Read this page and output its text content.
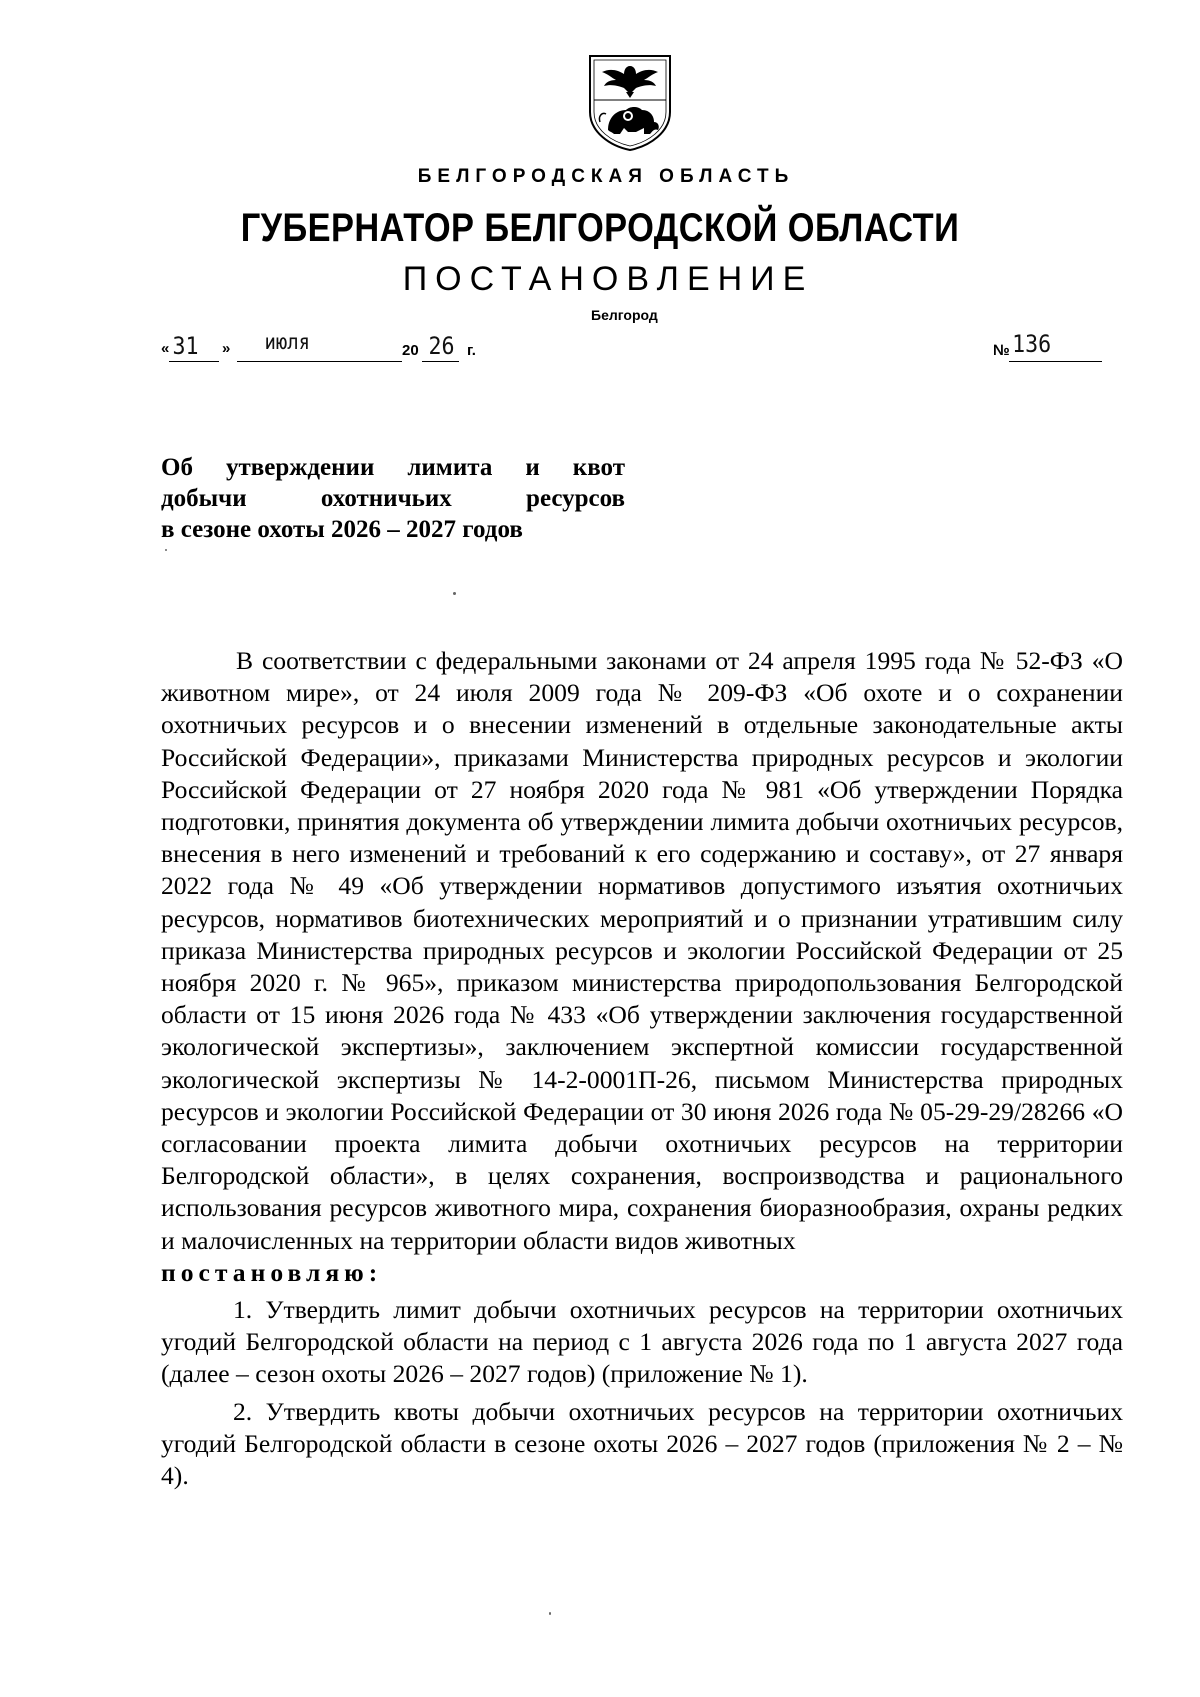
БЕЛГОРОДСКАЯ ОБЛАСТЬ
ГУБЕРНАТОР БЕЛГОРОДСКОЙ ОБЛАСТИ
ПОСТАНОВЛЕНИЕ
Белгород
« 31 » июля	20 26 г.	№ 136
Об утверждении лимита и квот
добычи охотничьих ресурсов
в сезоне охоты 2026 – 2027 годов

В соответствии с федеральными законами от 24 апреля 1995 года № 52-ФЗ «О животном мире», от 24 июля 2009 года № 209-ФЗ «Об охоте и о сохранении охотничьих ресурсов и о внесении изменений в отдельные законодательные акты Российской Федерации», приказами Министерства природных ресурсов и экологии Российской Федерации от 27 ноября 2020 года № 981 «Об утверждении Порядка подготовки, принятия документа об утверждении лимита добычи охотничьих ресурсов, внесения в него изменений и требований к его содержанию и составу», от 27 января 2022 года № 49 «Об утверждении нормативов допустимого изъятия охотничьих ресурсов, нормативов биотехнических мероприятий и о признании утратившим силу приказа Министерства природных ресурсов и экологии Российской Федерации от 25 ноября 2020 г. № 965», приказом министерства природопользования Белгородской области от 15 июня 2026 года № 433 «Об утверждении заключения государственной экологической экспертизы», заключением экспертной комиссии государственной экологической экспертизы № 14-2-0001П-26, письмом Министерства природных ресурсов и экологии Российской Федерации от 30 июня 2026 года № 05-29-29/28266 «О согласовании проекта лимита добычи охотничьих ресурсов на территории Белгородской области», в целях сохранения, воспроизводства и рационального использования ресурсов животного мира, сохранения биоразнообразия, охраны редких и малочисленных на территории области видов животных

постановляю:

1. Утвердить лимит добычи охотничьих ресурсов на территории охотничьих угодий Белгородской области на период с 1 августа 2026 года по 1 августа 2027 года (далее – сезон охоты 2026 – 2027 годов) (приложение № 1).

2. Утвердить квоты добычи охотничьих ресурсов на территории охотничьих угодий Белгородской области в сезоне охоты 2026 – 2027 годов (приложения № 2 – № 4).
